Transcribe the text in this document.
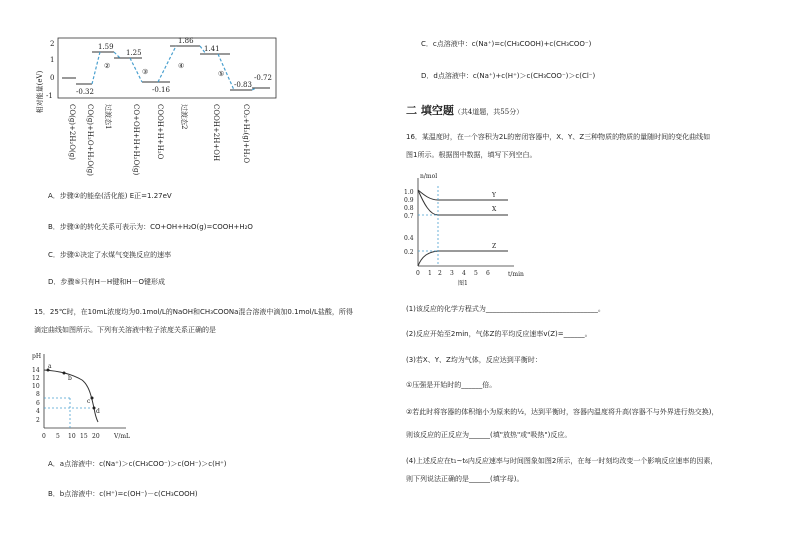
相对能量(eV)
2
1
0
-1	-0.32
1.59
1.25
-0.16
1.86
1.41
-0.83
-0.72
②
③
④
⑤
CO(g)+2H₂O(g) CO(g)+H₂O+H₂O(g) 过渡态1	CO+OH+H+H₂O(g) COOH+H+H₂O 过渡态2	COOH+2H+OH	CO₂+H₂(g)+H₂O
A．步骤②的能垒(活化能) E正=1.27eV
B．步骤③的转化关系可表示为：CO+OH+H₂O(g)=COOH+H₂O
C．步骤①决定了水煤气变换反应的速率
D．步骤⑤只有H－H键和H－O键形成
15．25℃时，在10mL浓度均为0.1mol/L的NaOH和CH₃COONa混合溶液中滴加0.1mol/L盐酸，所得
滴定曲线如图所示。下列有关溶液中粒子浓度关系正确的是
pH
V/mL
14
12
10
8
6
4
2
0 5 10 15 20
a
b
c
d
A．a点溶液中：c(Na⁺)＞c(CH₃COO⁻)＞c(OH⁻)＞c(H⁺)
B．b点溶液中：c(H⁺)=c(OH⁻)－c(CH₃COOH)
C．c点溶液中：c(Na⁺)=c(CH₃COOH)+c(CH₃COO⁻)
D．d点溶液中：c(Na⁺)+c(H⁺)＞c(CH₃COO⁻)＞c(Cl⁻)
二 填空题（共4道题，共55分）
16．某温度时，在一个容积为2L的密闭容器中，X、Y、Z三种物质的物质的量随时间的变化曲线如
图1所示。根据图中数据，填写下列空白。
n/mol
t/min
1.0
0.9
0.8
0.7
0.4
0.2
0 1 2 3 4 5 6
Y
X
Z
图1
(1)该反应的化学方程式为________________________________。
(2)反应开始至2min，气体Z的平均反应速率v(Z)=______。
(3)若X、Y、Z均为气体，反应达到平衡时：
①压强是开始时的______倍。
②若此时将容器的体积缩小为原来的½，达到平衡时，容器内温度将升高(容器不与外界进行热交换)，
则该反应的正反应为______(填"放热"或"吸热")反应。
(4)上述反应在t₁~t₆内反应速率与时间图象如图2所示，在每一时刻均改变一个影响反应速率的因素，
则下列说法正确的是______(填字母)。
